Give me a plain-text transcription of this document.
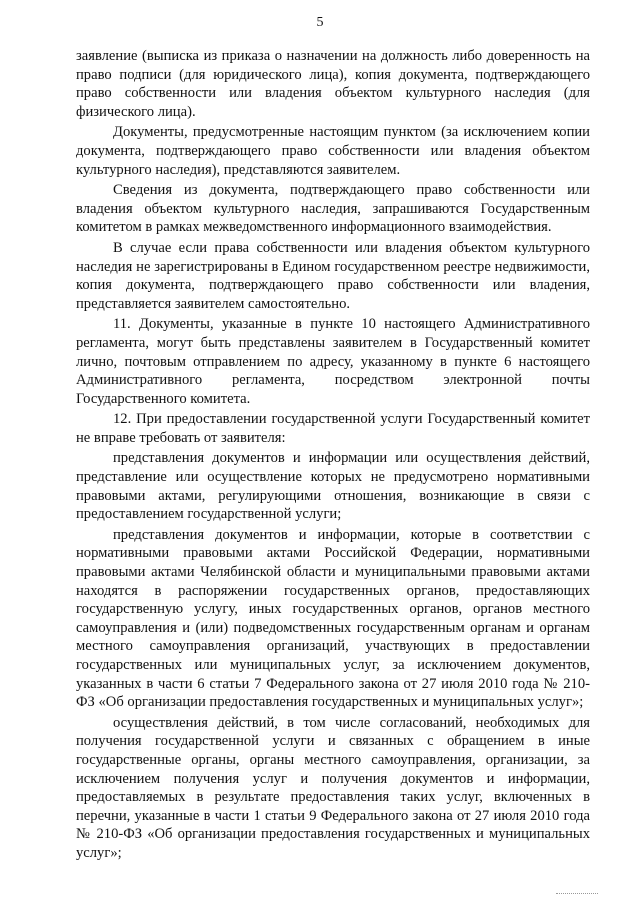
5

заявление (выписка из приказа о назначении на должность либо доверенность на право подписи (для юридического лица), копия документа, подтверждающего право собственности или владения объектом культурного наследия (для физического лица).

Документы, предусмотренные настоящим пунктом (за исключением копии документа, подтверждающего право собственности или владения объектом культурного наследия), представляются заявителем.

Сведения из документа, подтверждающего право собственности или владения объектом культурного наследия, запрашиваются Государственным комитетом в рамках межведомственного информационного взаимодействия.

В случае если права собственности или владения объектом культурного наследия не зарегистрированы в Едином государственном реестре недвижимости, копия документа, подтверждающего право собственности или владения, представляется заявителем самостоятельно.

11. Документы, указанные в пункте 10 настоящего Административного регламента, могут быть представлены заявителем в Государственный комитет лично, почтовым отправлением по адресу, указанному в пункте 6 настоящего Административного регламента, посредством электронной почты Государственного комитета.

12. При предоставлении государственной услуги Государственный комитет не вправе требовать от заявителя:

представления документов и информации или осуществления действий, представление или осуществление которых не предусмотрено нормативными правовыми актами, регулирующими отношения, возникающие в связи с предоставлением государственной услуги;

представления документов и информации, которые в соответствии с нормативными правовыми актами Российской Федерации, нормативными правовыми актами Челябинской области и муниципальными правовыми актами находятся в распоряжении государственных органов, предоставляющих государственную услугу, иных государственных органов, органов местного самоуправления и (или) подведомственных государственным органам и органам местного самоуправления организаций, участвующих в предоставлении государственных или муниципальных услуг, за исключением документов, указанных в части 6 статьи 7 Федерального закона от 27 июля 2010 года № 210-ФЗ «Об организации предоставления государственных и муниципальных услуг»;

осуществления действий, в том числе согласований, необходимых для получения государственной услуги и связанных с обращением в иные государственные органы, органы местного самоуправления, организации, за исключением получения услуг и получения документов и информации, предоставляемых в результате предоставления таких услуг, включенных в перечни, указанные в части 1 статьи 9 Федерального закона от 27 июля 2010 года № 210-ФЗ «Об организации предоставления государственных и муниципальных услуг»;
